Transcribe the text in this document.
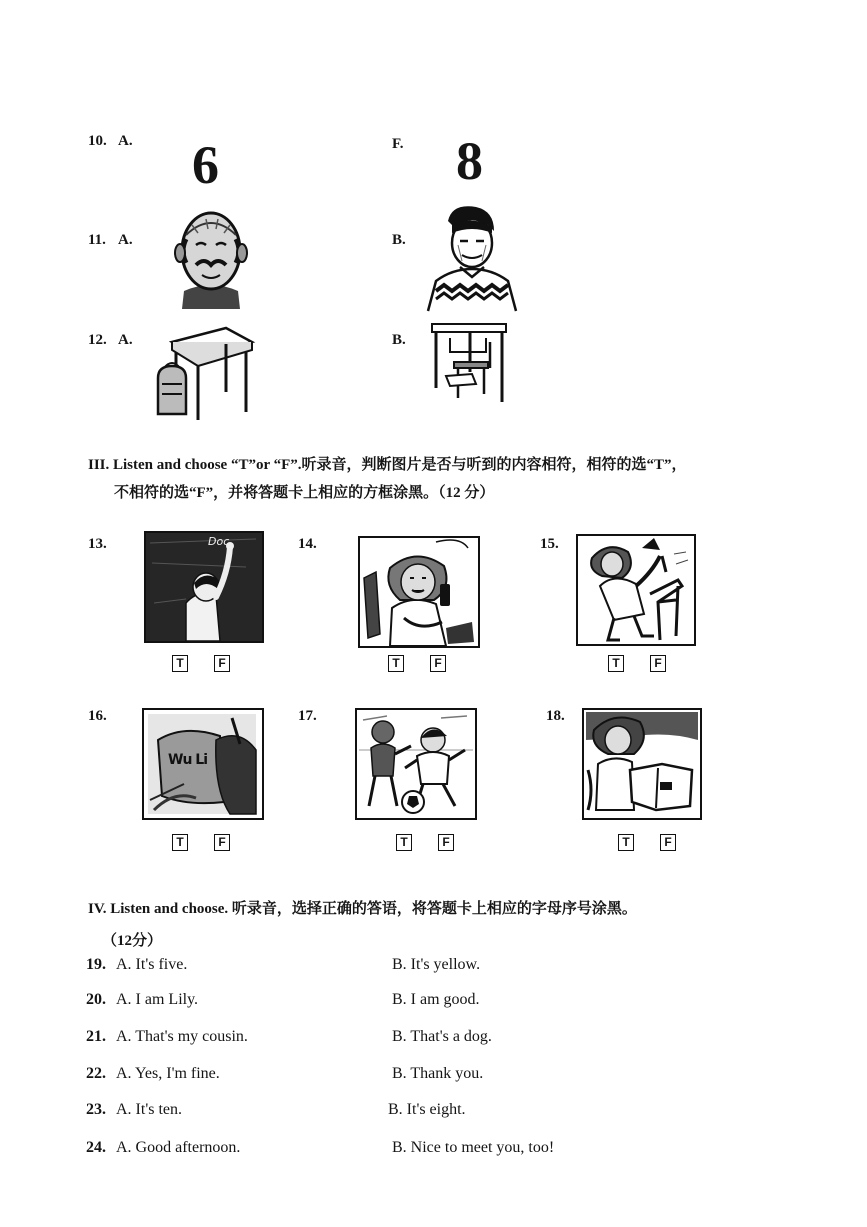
10. A. 6	F. 8
11. A.	B.
12. A.	B.
III. Listen and choose “T”or “F”.听录音，判断图片是否与听到的内容相符，相符的选“T”，
不相符的选“F”，并将答题卡上相应的方框涂黑。（12 分）
13.	Doc
T	F
14.
T	F
15.
T	F
16.
Wu Li
T	F
17.
T	F
18.
T	F
IV. Listen and choose. 听录音，选择正确的答语，将答题卡上相应的字母序号涂黑。
（12分）
19. A. It's five.	B. It's yellow.
20. A. I am Lily.	B. I am good.
21. A. That's my cousin.	B. That's a dog.
22. A. Yes, I'm fine.	B. Thank you.
23. A. It's ten.	B. It's eight.
24. A. Good afternoon.	B. Nice to meet you, too!
